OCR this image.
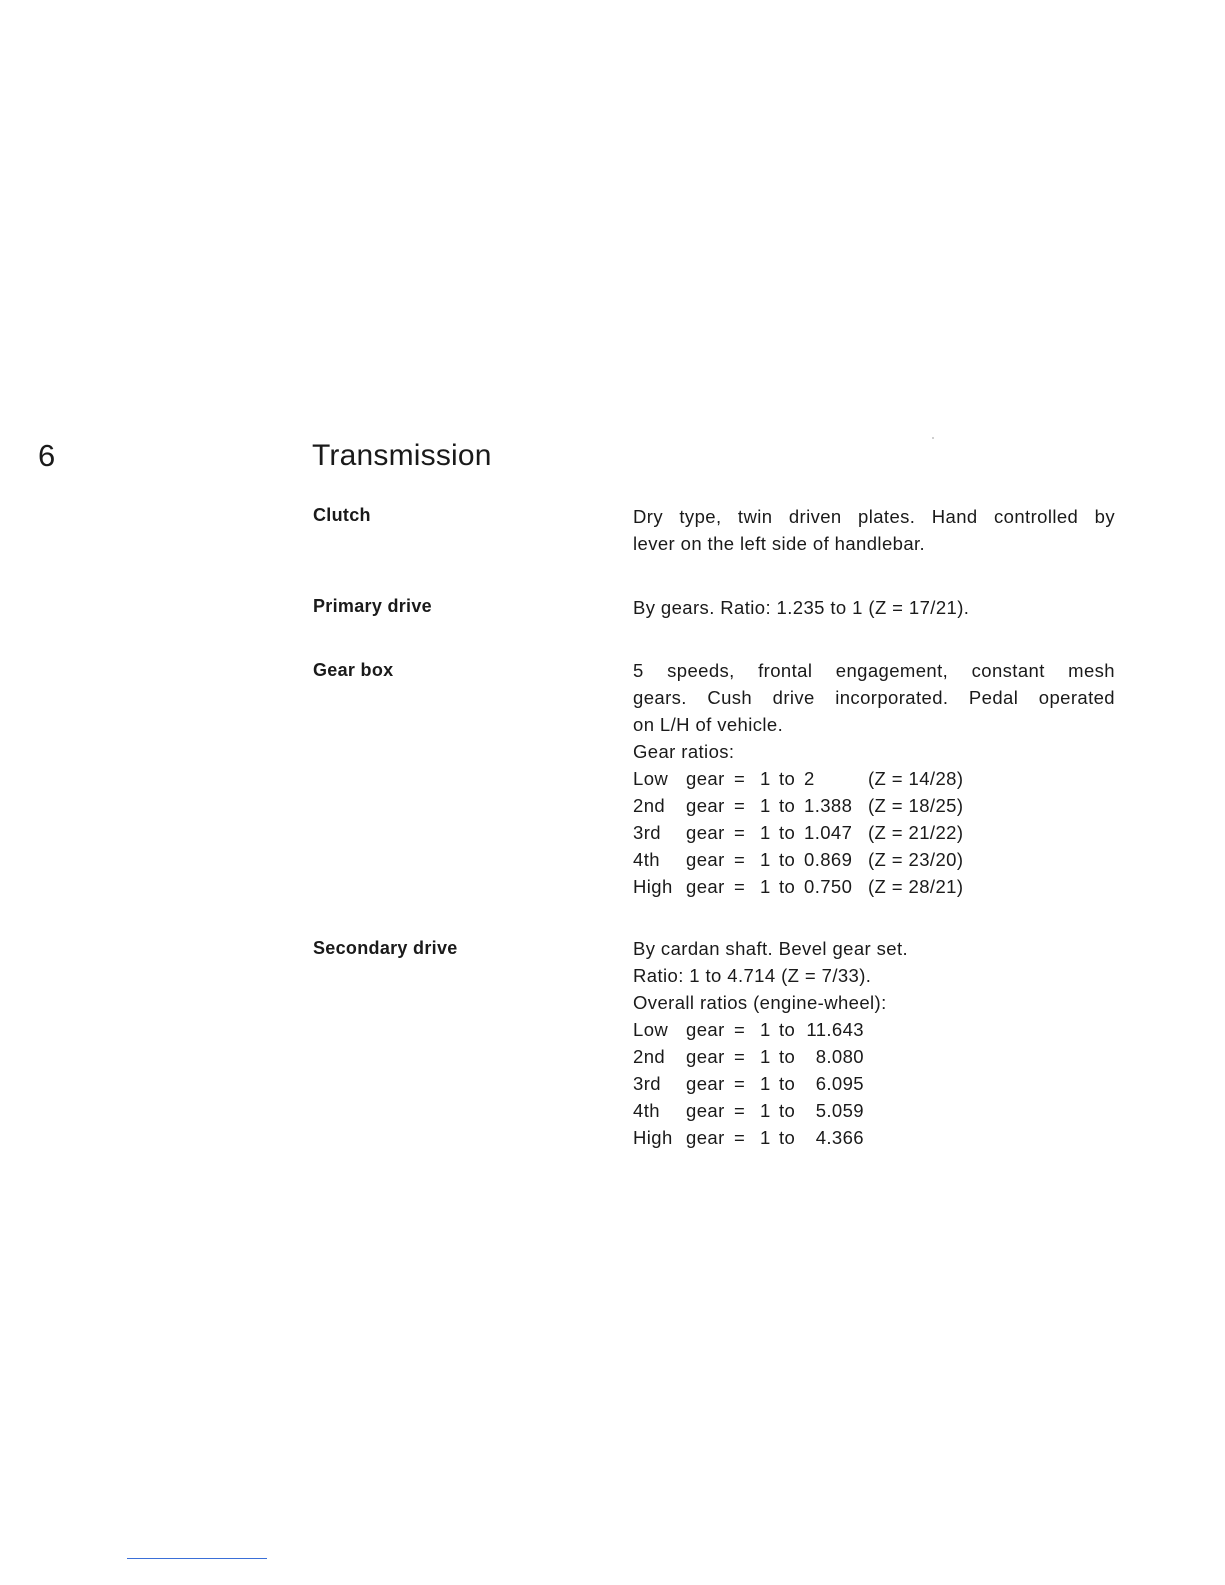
6	Transmission
Clutch	Dry type, twin driven plates. Hand controlled by
lever on the left side of handlebar.
Primary drive	By gears. Ratio: 1.235 to 1 (Z = 17/21).
Gear box	5 speeds, frontal engagement, constant mesh
gears. Cush drive incorporated. Pedal operated
on L/H of vehicle.
Gear ratios:
Low gear = 1 to 2	(Z = 14/28)
2nd	gear = 1 to 1.388 (Z = 18/25)
3rd	gear = 1 to 1.047 (Z = 21/22)
4th	gear = 1 to 0.869 (Z = 23/20)
High gear = 1 to 0.750 (Z = 28/21)
Secondary drive	By cardan shaft. Bevel gear set.
Ratio: 1 to 4.714 (Z = 7/33).
Overall ratios (engine-wheel):
Low gear = 1 to 11.643
2nd	gear = 1 to	8.080
3rd	gear = 1 to	6.095
4th	gear = 1 to	5.059
High gear = 1 to	4.366
